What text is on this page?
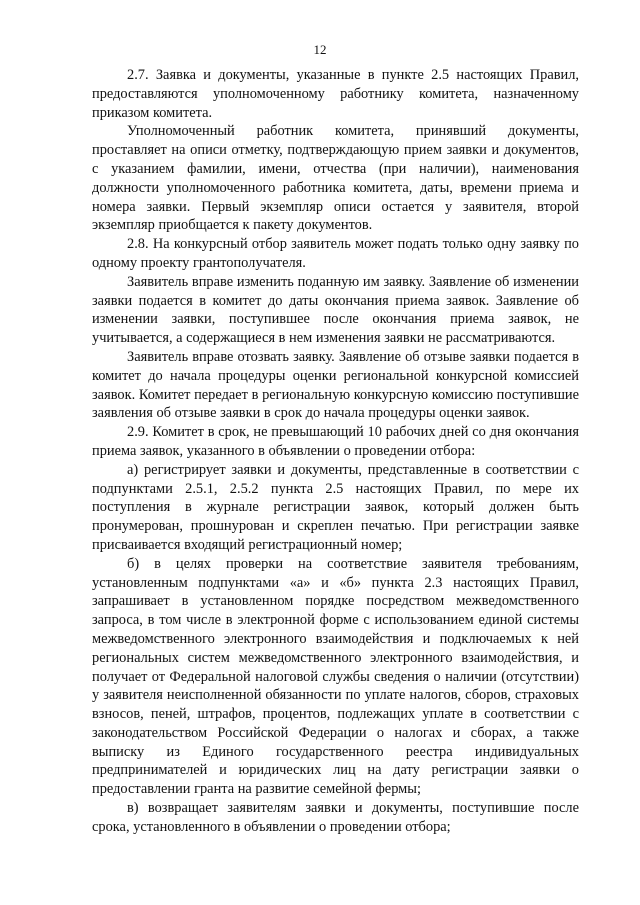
12

2.7. Заявка и документы, указанные в пункте 2.5 настоящих Правил, предоставляются уполномоченному работнику комитета, назначенному приказом комитета.

Уполномоченный работник комитета, принявший документы, проставляет на описи отметку, подтверждающую прием заявки и документов, с указанием фамилии, имени, отчества (при наличии), наименования должности уполномоченного работника комитета, даты, времени приема и номера заявки. Первый экземпляр описи остается у заявителя, второй экземпляр приобщается к пакету документов.

2.8. На конкурсный отбор заявитель может подать только одну заявку по одному проекту грантополучателя.

Заявитель вправе изменить поданную им заявку. Заявление об изменении заявки подается в комитет до даты окончания приема заявок. Заявление об изменении заявки, поступившее после окончания приема заявок, не учитывается, а содержащиеся в нем изменения заявки не рассматриваются.

Заявитель вправе отозвать заявку. Заявление об отзыве заявки подается в комитет до начала процедуры оценки региональной конкурсной комиссией заявок. Комитет передает в региональную конкурсную комиссию поступившие заявления об отзыве заявки в срок до начала процедуры оценки заявок.

2.9. Комитет в срок, не превышающий 10 рабочих дней со дня окончания приема заявок, указанного в объявлении о проведении отбора:

а) регистрирует заявки и документы, представленные в соответствии с подпунктами 2.5.1, 2.5.2 пункта 2.5 настоящих Правил, по мере их поступления в журнале регистрации заявок, который должен быть пронумерован, прошнурован и скреплен печатью. При регистрации заявке присваивается входящий регистрационный номер;

б) в целях проверки на соответствие заявителя требованиям, установленным подпунктами «а» и «б» пункта 2.3 настоящих Правил, запрашивает в установленном порядке посредством межведомственного запроса, в том числе в электронной форме с использованием единой системы межведомственного электронного взаимодействия и подключаемых к ней региональных систем межведомственного электронного взаимодействия, и получает от Федеральной налоговой службы сведения о наличии (отсутствии) у заявителя неисполненной обязанности по уплате налогов, сборов, страховых взносов, пеней, штрафов, процентов, подлежащих уплате в соответствии с законодательством Российской Федерации о налогах и сборах, а также выписку из Единого государственного реестра индивидуальных предпринимателей и юридических лиц на дату регистрации заявки о предоставлении гранта на развитие семейной фермы;

в) возвращает заявителям заявки и документы, поступившие после срока, установленного в объявлении о проведении отбора;
